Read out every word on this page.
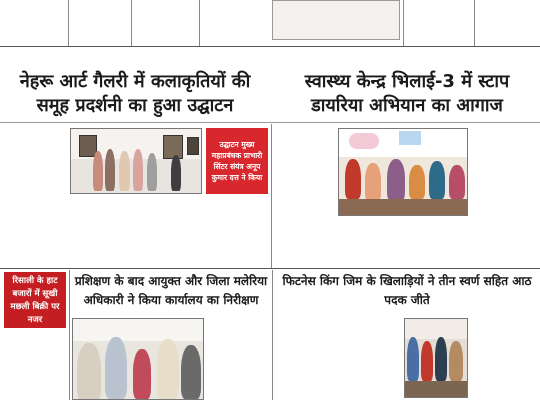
नेहरू आर्ट गैलरी में कलाकृतियों की समूह प्रदर्शनी का हुआ उद्घाटन
स्वास्थ्य केन्द्र भिलाई-3 में स्टाप डायरिया अभियान का आगाज
उद्घाटन मुख्य महाप्रबंधक प्राभारी सिंटर संयंत्र अनूप कुमार दत्त ने किया
रिसाली के हाट बजारों में सूखी मछली बिक्री पर नजर
प्रशिक्षण के बाद आयुक्त और जिला मलेरिया अधिकारी ने किया कार्यालय का निरीक्षण
फिटनेस किंग जिम के खिलाड़ियों ने तीन स्वर्ण सहित आठ पदक जीते
